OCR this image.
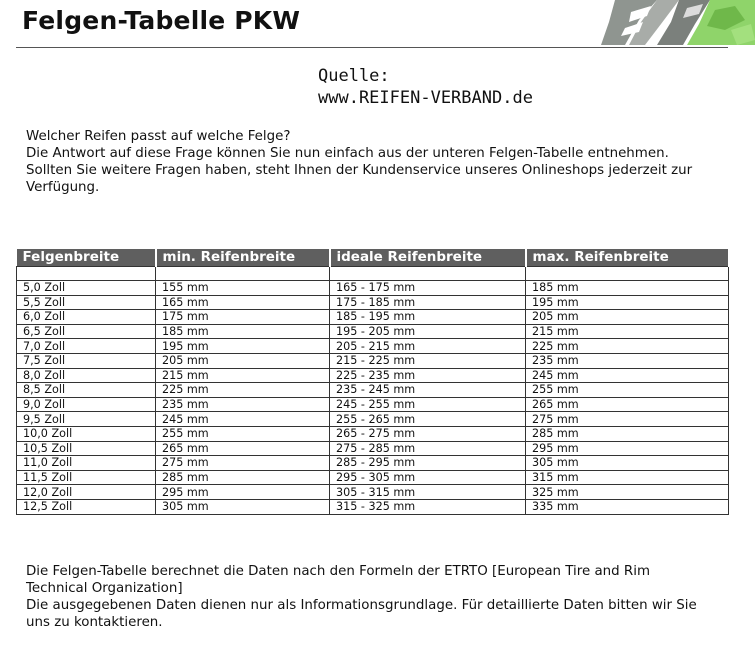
Felgen-Tabelle PKW
Quelle:
www.REIFEN-VERBAND.de
Welcher Reifen passt auf welche Felge?
Die Antwort auf diese Frage können Sie nun einfach aus der unteren Felgen-Tabelle entnehmen.
Sollten Sie weitere Fragen haben, steht Ihnen der Kundenservice unseres Onlineshops jederzeit zur
Verfügung.
Felgenbreite	min. Reifenbreite	ideale Reifenbreite	max. Reifenbreite

5,0 Zoll	155 mm	165 - 175 mm	185 mm
5,5 Zoll	165 mm	175 - 185 mm	195 mm
6,0 Zoll	175 mm	185 - 195 mm	205 mm
6,5 Zoll	185 mm	195 - 205 mm	215 mm
7,0 Zoll	195 mm	205 - 215 mm	225 mm
7,5 Zoll	205 mm	215 - 225 mm	235 mm
8,0 Zoll	215 mm	225 - 235 mm	245 mm
8,5 Zoll	225 mm	235 - 245 mm	255 mm
9,0 Zoll	235 mm	245 - 255 mm	265 mm
9,5 Zoll	245 mm	255 - 265 mm	275 mm
10,0 Zoll	255 mm	265 - 275 mm	285 mm
10,5 Zoll	265 mm	275 - 285 mm	295 mm
11,0 Zoll	275 mm	285 - 295 mm	305 mm
11,5 Zoll	285 mm	295 - 305 mm	315 mm
12,0 Zoll	295 mm	305 - 315 mm	325 mm
12,5 Zoll	305 mm	315 - 325 mm	335 mm
Die Felgen-Tabelle berechnet die Daten nach den Formeln der ETRTO [European Tire and Rim
Technical Organization]
Die ausgegebenen Daten dienen nur als Informationsgrundlage. Für detaillierte Daten bitten wir Sie
uns zu kontaktieren.
